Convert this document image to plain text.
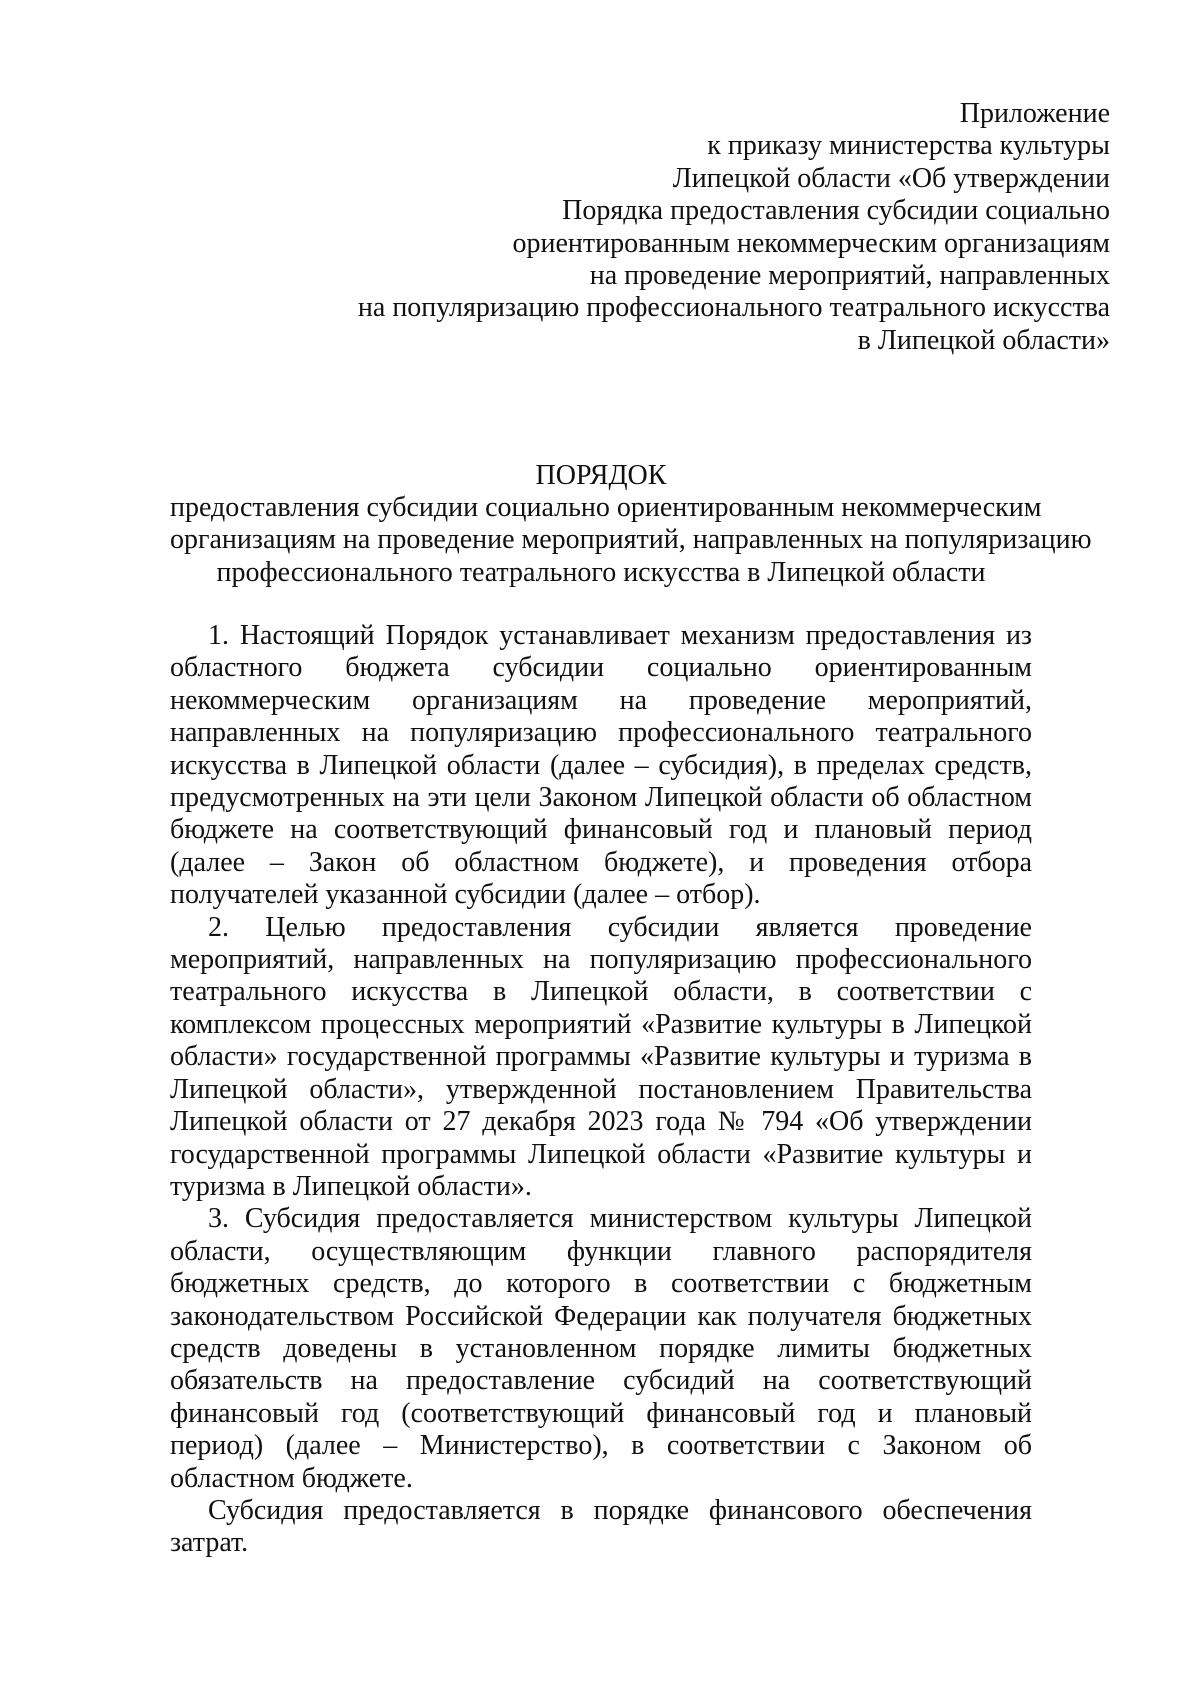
Приложение
к приказу министерства культуры
Липецкой области «Об утверждении
Порядка предоставления субсидии социально
ориентированным некоммерческим организациям
на проведение мероприятий, направленных
на популяризацию профессионального театрального искусства
в Липецкой области»
ПОРЯДОК
предоставления субсидии социально ориентированным некоммерческим
организациям на проведение мероприятий, направленных на популяризацию
профессионального театрального искусства в Липецкой области

1. Настоящий Порядок устанавливает механизм предоставления из областного бюджета субсидии социально ориентированным некоммерческим организациям на проведение мероприятий, направленных на популяризацию профессионального театрального искусства в Липецкой области (далее – субсидия), в пределах средств, предусмотренных на эти цели Законом Липецкой области об областном бюджете на соответствующий финансовый год и плановый период (далее – Закон об областном бюджете), и проведения отбора получателей указанной субсидии (далее – отбор).

2. Целью предоставления субсидии является проведение мероприятий, направленных на популяризацию профессионального театрального искусства в Липецкой области, в соответствии с комплексом процессных мероприятий «Развитие культуры в Липецкой области» государственной программы «Развитие культуры и туризма в Липецкой области», утвержденной постановлением Правительства Липецкой области от 27 декабря 2023 года № 794 «Об утверждении государственной программы Липецкой области «Развитие культуры и туризма в Липецкой области».

3. Субсидия предоставляется министерством культуры Липецкой области, осуществляющим функции главного распорядителя бюджетных средств, до которого в соответствии с бюджетным законодательством Российской Федерации как получателя бюджетных средств доведены в установленном порядке лимиты бюджетных обязательств на предоставление субсидий на соответствующий финансовый год (соответствующий финансовый год и плановый период) (далее – Министерство), в соответствии с Законом об областном бюджете.

Субсидия предоставляется в порядке финансового обеспечения затрат.
